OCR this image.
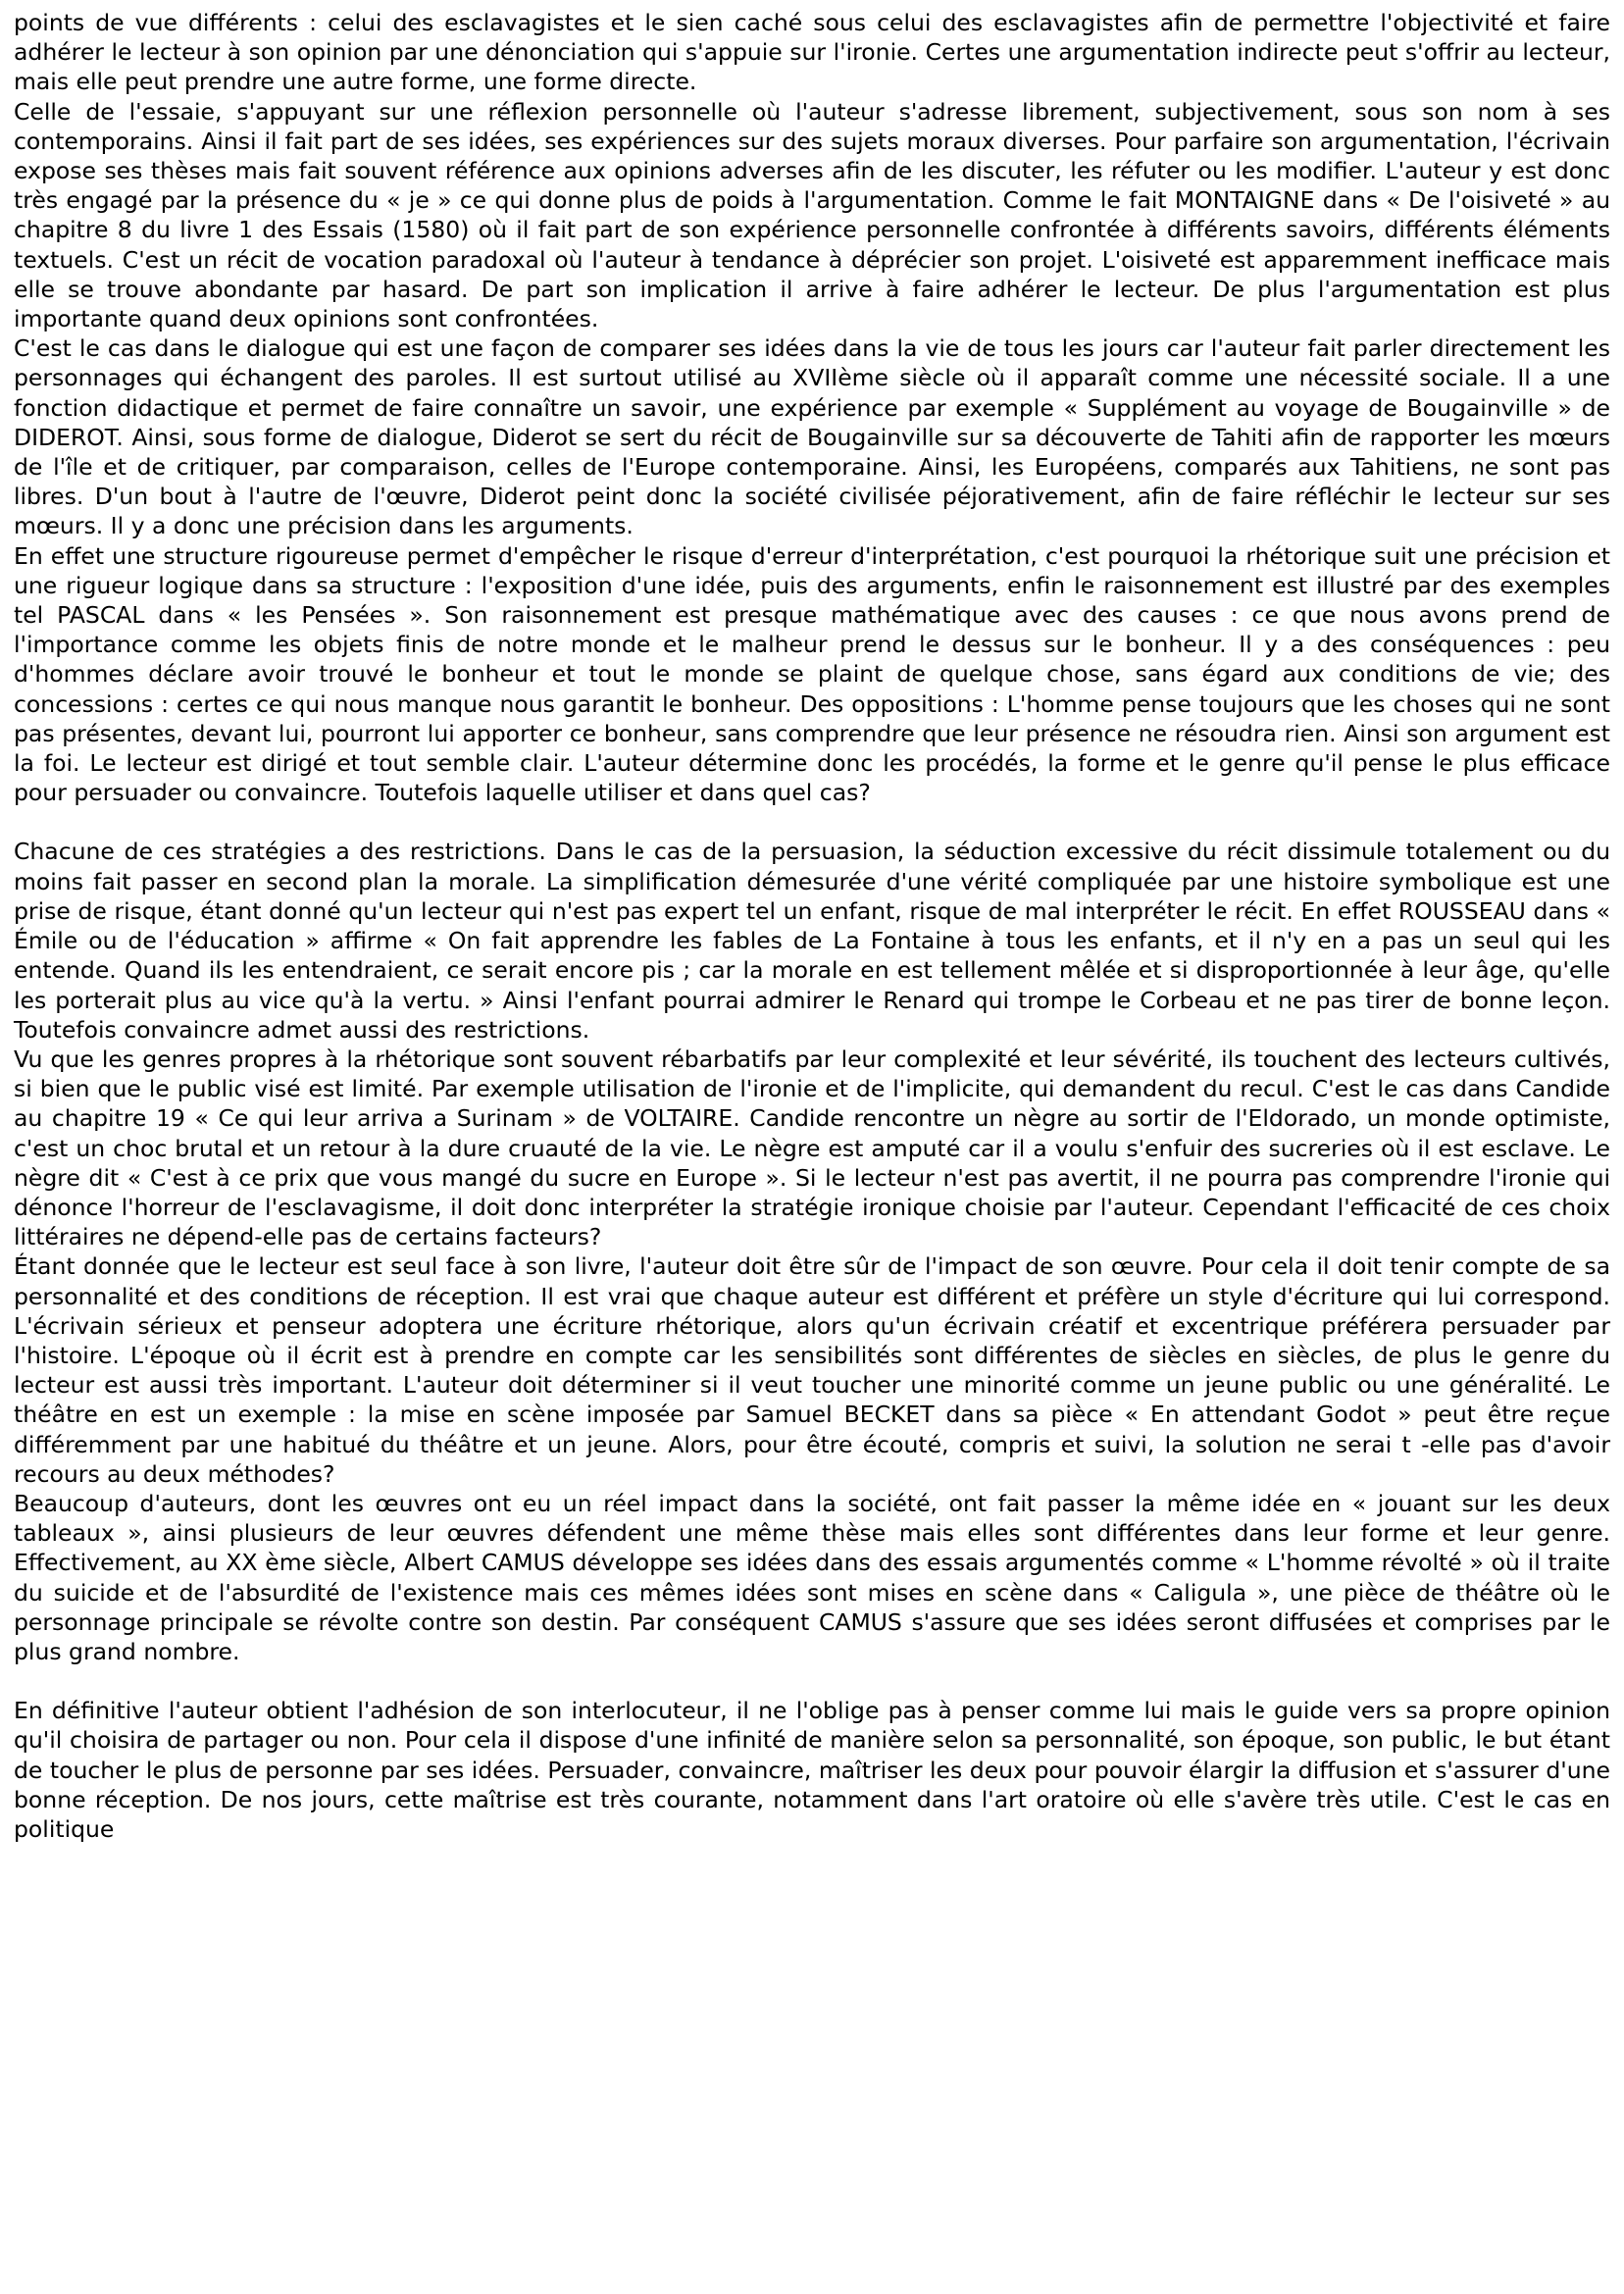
points de vue différents : celui des esclavagistes et le sien caché sous celui des esclavagistes afin de permettre l'objectivité et faire adhérer le lecteur à son opinion par une dénonciation qui s'appuie sur l'ironie. Certes une argumentation indirecte peut s'offrir au lecteur, mais elle peut prendre une autre forme, une forme directe.

Celle de l'essaie, s'appuyant sur une réflexion personnelle où l'auteur s'adresse librement, subjectivement, sous son nom à ses contemporains. Ainsi il fait part de ses idées, ses expériences sur des sujets moraux diverses. Pour parfaire son argumentation, l'écrivain expose ses thèses mais fait souvent référence aux opinions adverses afin de les discuter, les réfuter ou les modifier. L'auteur y est donc très engagé par la présence du « je » ce qui donne plus de poids à l'argumentation. Comme le fait MONTAIGNE dans « De l'oisiveté » au chapitre 8 du livre 1 des Essais (1580) où il fait part de son expérience personnelle confrontée à différents savoirs, différents éléments textuels. C'est un récit de vocation paradoxal où l'auteur à tendance à déprécier son projet. L'oisiveté est apparemment inefficace mais elle se trouve abondante par hasard. De part son implication il arrive à faire adhérer le lecteur. De plus l'argumentation est plus importante quand deux opinions sont confrontées.

C'est le cas dans le dialogue qui est une façon de comparer ses idées dans la vie de tous les jours car l'auteur fait parler directement les personnages qui échangent des paroles. Il est surtout utilisé au XVIIème siècle où il apparaît comme une nécessité sociale. Il a une fonction didactique et permet de faire connaître un savoir, une expérience par exemple « Supplément au voyage de Bougainville » de DIDEROT. Ainsi, sous forme de dialogue, Diderot se sert du récit de Bougainville sur sa découverte de Tahiti afin de rapporter les mœurs de l'île et de critiquer, par comparaison, celles de l'Europe contemporaine. Ainsi, les Européens, comparés aux Tahitiens, ne sont pas libres. D'un bout à l'autre de l'œuvre, Diderot peint donc la société civilisée péjorativement, afin de faire réfléchir le lecteur sur ses mœurs. Il y a donc une précision dans les arguments.

En effet une structure rigoureuse permet d'empêcher le risque d'erreur d'interprétation, c'est pourquoi la rhétorique suit une précision et une rigueur logique dans sa structure : l'exposition d'une idée, puis des arguments, enfin le raisonnement est illustré par des exemples tel PASCAL dans « les Pensées ». Son raisonnement est presque mathématique avec des causes : ce que nous avons prend de l'importance comme les objets finis de notre monde et le malheur prend le dessus sur le bonheur. Il y a des conséquences : peu d'hommes déclare avoir trouvé le bonheur et tout le monde se plaint de quelque chose, sans égard aux conditions de vie; des concessions : certes ce qui nous manque nous garantit le bonheur. Des oppositions : L'homme pense toujours que les choses qui ne sont pas présentes, devant lui, pourront lui apporter ce bonheur, sans comprendre que leur présence ne résoudra rien. Ainsi son argument est la foi. Le lecteur est dirigé et tout semble clair. L'auteur détermine donc les procédés, la forme et le genre qu'il pense le plus efficace pour persuader ou convaincre. Toutefois laquelle utiliser et dans quel cas?

Chacune de ces stratégies a des restrictions. Dans le cas de la persuasion, la séduction excessive du récit dissimule totalement ou du moins fait passer en second plan la morale. La simplification démesurée d'une vérité compliquée par une histoire symbolique est une prise de risque, étant donné qu'un lecteur qui n'est pas expert tel un enfant, risque de mal interpréter le récit. En effet ROUSSEAU dans « Émile ou de l'éducation » affirme « On fait apprendre les fables de La Fontaine à tous les enfants, et il n'y en a pas un seul qui les entende. Quand ils les entendraient, ce serait encore pis ; car la morale en est tellement mêlée et si disproportionnée à leur âge, qu'elle les porterait plus au vice qu'à la vertu. » Ainsi l'enfant pourrai admirer le Renard qui trompe le Corbeau et ne pas tirer de bonne leçon. Toutefois convaincre admet aussi des restrictions.

Vu que les genres propres à la rhétorique sont souvent rébarbatifs par leur complexité et leur sévérité, ils touchent des lecteurs cultivés, si bien que le public visé est limité. Par exemple utilisation de l'ironie et de l'implicite, qui demandent du recul. C'est le cas dans Candide au chapitre 19 « Ce qui leur arriva a Surinam » de VOLTAIRE. Candide rencontre un nègre au sortir de l'Eldorado, un monde optimiste, c'est un choc brutal et un retour à la dure cruauté de la vie. Le nègre est amputé car il a voulu s'enfuir des sucreries où il est esclave. Le nègre dit « C'est à ce prix que vous mangé du sucre en Europe ». Si le lecteur n'est pas avertit, il ne pourra pas comprendre l'ironie qui dénonce l'horreur de l'esclavagisme, il doit donc interpréter la stratégie ironique choisie par l'auteur. Cependant l'efficacité de ces choix littéraires ne dépend-elle pas de certains facteurs?

Étant donnée que le lecteur est seul face à son livre, l'auteur doit être sûr de l'impact de son œuvre. Pour cela il doit tenir compte de sa personnalité et des conditions de réception. Il est vrai que chaque auteur est différent et préfère un style d'écriture qui lui correspond. L'écrivain sérieux et penseur adoptera une écriture rhétorique, alors qu'un écrivain créatif et excentrique préférera persuader par l'histoire. L'époque où il écrit est à prendre en compte car les sensibilités sont différentes de siècles en siècles, de plus le genre du lecteur est aussi très important. L'auteur doit déterminer si il veut toucher une minorité comme un jeune public ou une généralité. Le théâtre en est un exemple : la mise en scène imposée par Samuel BECKET dans sa pièce « En attendant Godot » peut être reçue différemment par une habitué du théâtre et un jeune. Alors, pour être écouté, compris et suivi, la solution ne serai t -elle pas d'avoir recours au deux méthodes?

Beaucoup d'auteurs, dont les œuvres ont eu un réel impact dans la société, ont fait passer la même idée en « jouant sur les deux tableaux », ainsi plusieurs de leur œuvres défendent une même thèse mais elles sont différentes dans leur forme et leur genre. Effectivement, au XX ème siècle, Albert CAMUS développe ses idées dans des essais argumentés comme « L'homme révolté » où il traite du suicide et de l'absurdité de l'existence mais ces mêmes idées sont mises en scène dans « Caligula », une pièce de théâtre où le personnage principale se révolte contre son destin. Par conséquent CAMUS s'assure que ses idées seront diffusées et comprises par le plus grand nombre.

En définitive l'auteur obtient l'adhésion de son interlocuteur, il ne l'oblige pas à penser comme lui mais le guide vers sa propre opinion qu'il choisira de partager ou non. Pour cela il dispose d'une infinité de manière selon sa personnalité, son époque, son public, le but étant de toucher le plus de personne par ses idées. Persuader, convaincre, maîtriser les deux pour pouvoir élargir la diffusion et s'assurer d'une bonne réception. De nos jours, cette maîtrise est très courante, notamment dans l'art oratoire où elle s'avère très utile. C'est le cas en politique
